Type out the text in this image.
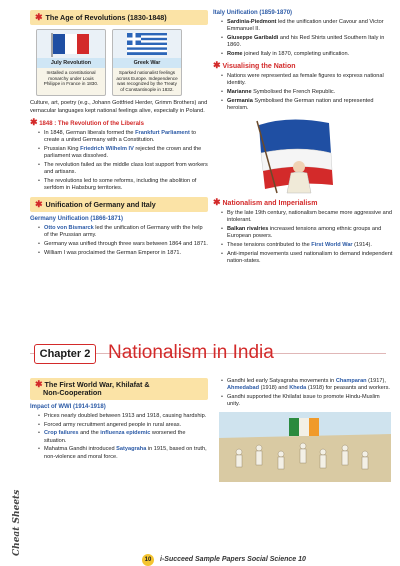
✱ The Age of Revolutions (1830-1848)
July Revolution
Installed a constitutional monarchy under Louis Philippe in France in 1830.
Greek War
Sparked nationalist feelings across Europe. Independence was recognized by the Treaty of Constantinople in 1832.
Culture, art, poetry (e.g., Johann Gottfried Herder, Grimm Brothers) and vernacular languages kept national feelings alive, especially in Poland.
✱ 1848 : The Revolution of the Liberals
• In 1848, German liberals formed the Frankfurt Parliament to create a united Germany with a Constitution.
• Prussian King Friedrich Wilhelm IV rejected the crown and the parliament was dissolved.
• The revolution failed as the middle class lost support from workers and artisans.
• The revolutions led to some reforms, including the abolition of serfdom in Habsburg territories.
✱ Unification of Germany and Italy
Germany Unification (1866-1871)
• Otto von Bismarck led the unification of Germany with the help of the Prussian army.
• Germany was unified through three wars between 1864 and 1871.
• William I was proclaimed the German Emperor in 1871.
Italy Unification (1859-1870)
• Sardinia-Piedmont led the unification under Cavour and Victor Emmanuel II.
• Giuseppe Garibaldi and his Red Shirts united Southern Italy in 1860.
• Rome joined Italy in 1870, completing unification.
✱ Visualising the Nation
• Nations were represented as female figures to express national identity.
• Marianne Symbolised the French Republic.
• Germania Symbolised the German nation and represented heroism.
✱ Nationalism and Imperialism
• By the late 19th century, nationalism became more aggressive and intolerant.
• Balkan rivalries increased tensions among ethnic groups and European powers.
• These tensions contributed to the First World War (1914).
• Anti-imperial movements used nationalism to demand independent nation-states.
Chapter 2 Nationalism in India
✱ The First World War, Khilafat &
Non-Cooperation
Impact of WWI (1914-1918)
• Prices nearly doubled between 1913 and 1918, causing hardship.
• Forced army recruitment angered people in rural areas.
• Crop failures and the influenza epidemic worsened the situation.
• Mahatma Gandhi introduced Satyagraha in 1915, based on truth, non-violence and moral force.
• Gandhi led early Satyagraha movements in Champaran (1917), Ahmedabad (1918) and Kheda (1918) for peasants and workers.
• Gandhi supported the Khilafat issue to promote Hindu-Muslim unity.
Cheat Sheets
10	i-Succeed Sample Papers Social Science 10
